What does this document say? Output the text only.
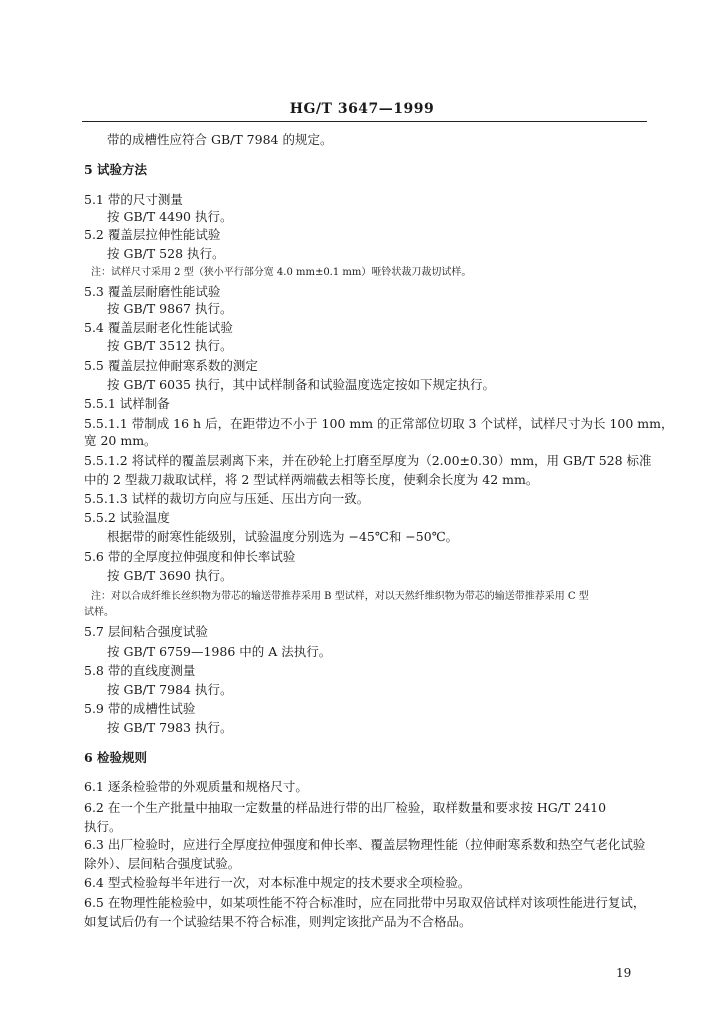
HG/T 3647—1999
带的成槽性应符合 GB/T 7984 的规定。
5 试验方法
5.1 带的尺寸测量
按 GB/T 4490 执行。
5.2 覆盖层拉伸性能试验
按 GB/T 528 执行。
注：试样尺寸采用 2 型（狭小平行部分宽 4.0 mm±0.1 mm）哑铃状裁刀裁切试样。
5.3 覆盖层耐磨性能试验
按 GB/T 9867 执行。
5.4 覆盖层耐老化性能试验
按 GB/T 3512 执行。
5.5 覆盖层拉伸耐寒系数的测定
按 GB/T 6035 执行，其中试样制备和试验温度选定按如下规定执行。
5.5.1 试样制备
5.5.1.1 带制成 16 h 后，在距带边不小于 100 mm 的正常部位切取 3 个试样，试样尺寸为长 100 mm，
宽 20 mm。
5.5.1.2 将试样的覆盖层剥离下来，并在砂轮上打磨至厚度为（2.00±0.30）mm，用 GB/T 528 标准
中的 2 型裁刀裁取试样，将 2 型试样两端截去相等长度，使剩余长度为 42 mm。
5.5.1.3 试样的裁切方向应与压延、压出方向一致。
5.5.2 试验温度
根据带的耐寒性能级别，试验温度分别选为 −45℃和 −50℃。
5.6 带的全厚度拉伸强度和伸长率试验
按 GB/T 3690 执行。
注：对以合成纤维长丝织物为带芯的输送带推荐采用 B 型试样，对以天然纤维织物为带芯的输送带推荐采用 C 型
试样。
5.7 层间粘合强度试验
按 GB/T 6759—1986 中的 A 法执行。
5.8 带的直线度测量
按 GB/T 7984 执行。
5.9 带的成槽性试验
按 GB/T 7983 执行。
6 检验规则
6.1 逐条检验带的外观质量和规格尺寸。
6.2 在一个生产批量中抽取一定数量的样品进行带的出厂检验，取样数量和要求按 HG/T 2410
执行。
6.3 出厂检验时，应进行全厚度拉伸强度和伸长率、覆盖层物理性能（拉伸耐寒系数和热空气老化试验
除外）、层间粘合强度试验。
6.4 型式检验每半年进行一次，对本标准中规定的技术要求全项检验。
6.5 在物理性能检验中，如某项性能不符合标准时，应在同批带中另取双倍试样对该项性能进行复试，
如复试后仍有一个试验结果不符合标准，则判定该批产品为不合格品。
19
